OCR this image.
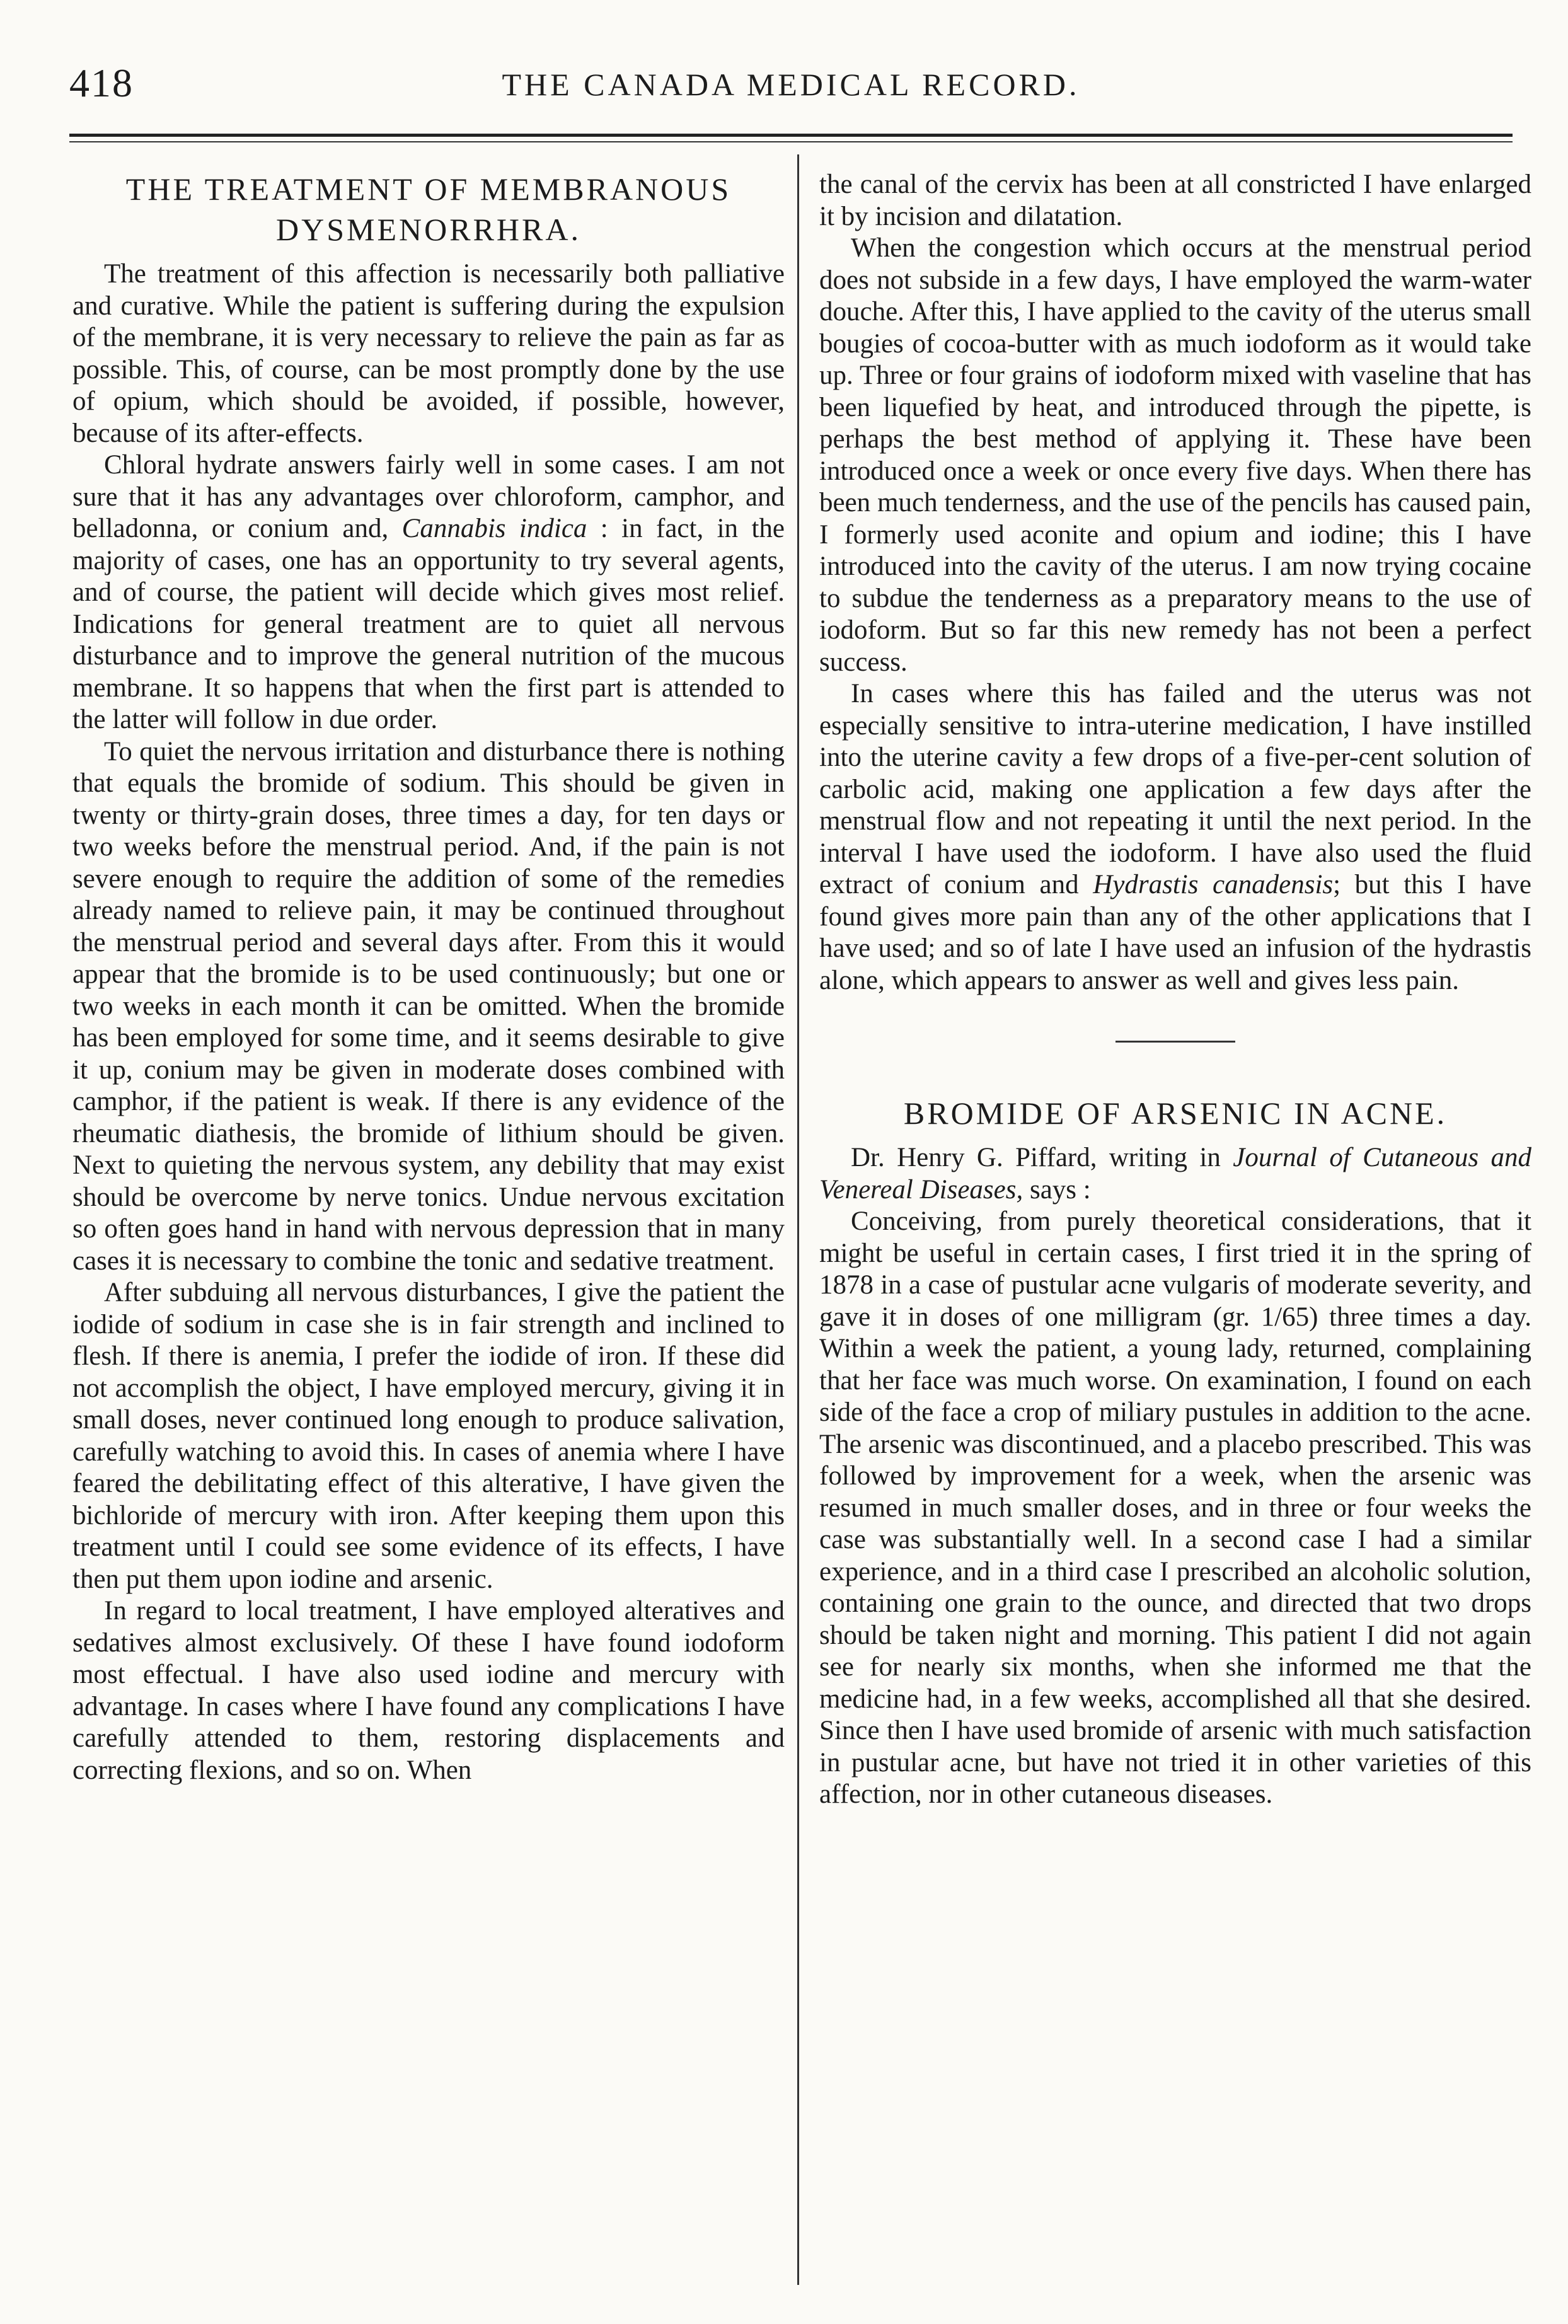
418	THE CANADA MEDICAL RECORD.
THE TREATMENT OF MEMBRANOUS DYSMENORRHRA.

The treatment of this affection is necessarily both palliative and curative. While the patient is suffering during the expulsion of the membrane, it is very necessary to relieve the pain as far as possible. This, of course, can be most promptly done by the use of opium, which should be avoided, if possible, however, because of its after-effects.

Chloral hydrate answers fairly well in some cases. I am not sure that it has any advantages over chloroform, camphor, and belladonna, or conium and, Cannabis indica : in fact, in the majority of cases, one has an opportunity to try several agents, and of course, the patient will decide which gives most relief. Indications for general treatment are to quiet all nervous disturbance and to improve the general nutrition of the mucous membrane. It so happens that when the first part is attended to the latter will follow in due order.

To quiet the nervous irritation and disturbance there is nothing that equals the bromide of sodium. This should be given in twenty or thirty-grain doses, three times a day, for ten days or two weeks before the menstrual period. And, if the pain is not severe enough to require the addition of some of the remedies already named to relieve pain, it may be continued throughout the menstrual period and several days after. From this it would appear that the bromide is to be used continuously; but one or two weeks in each month it can be omitted. When the bromide has been employed for some time, and it seems desirable to give it up, conium may be given in moderate doses combined with camphor, if the patient is weak. If there is any evidence of the rheumatic diathesis, the bromide of lithium should be given. Next to quieting the nervous system, any debility that may exist should be overcome by nerve tonics. Undue nervous excitation so often goes hand in hand with nervous depression that in many cases it is necessary to combine the tonic and sedative treatment.

After subduing all nervous disturbances, I give the patient the iodide of sodium in case she is in fair strength and inclined to flesh. If there is anemia, I prefer the iodide of iron. If these did not accomplish the object, I have employed mercury, giving it in small doses, never continued long enough to produce salivation, carefully watching to avoid this. In cases of anemia where I have feared the debilitating effect of this alterative, I have given the bichloride of mercury with iron. After keeping them upon this treatment until I could see some evidence of its effects, I have then put them upon iodine and arsenic.

In regard to local treatment, I have employed alteratives and sedatives almost exclusively. Of these I have found iodoform most effectual. I have also used iodine and mercury with advantage. In cases where I have found any complications I have carefully attended to them, restoring displacements and correcting flexions, and so on. When

the canal of the cervix has been at all constricted I have enlarged it by incision and dilatation.

When the congestion which occurs at the menstrual period does not subside in a few days, I have employed the warm-water douche. After this, I have applied to the cavity of the uterus small bougies of cocoa-butter with as much iodoform as it would take up. Three or four grains of iodoform mixed with vaseline that has been liquefied by heat, and introduced through the pipette, is perhaps the best method of applying it. These have been introduced once a week or once every five days. When there has been much tenderness, and the use of the pencils has caused pain, I formerly used aconite and opium and iodine; this I have introduced into the cavity of the uterus. I am now trying cocaine to subdue the tenderness as a preparatory means to the use of iodoform. But so far this new remedy has not been a perfect success.

In cases where this has failed and the uterus was not especially sensitive to intra-uterine medication, I have instilled into the uterine cavity a few drops of a five-per-cent solution of carbolic acid, making one application a few days after the menstrual flow and not repeating it until the next period. In the interval I have used the iodoform. I have also used the fluid extract of conium and Hydrastis canadensis; but this I have found gives more pain than any of the other applications that I have used; and so of late I have used an infusion of the hydrastis alone, which appears to answer as well and gives less pain.

BROMIDE OF ARSENIC IN ACNE.

Dr. Henry G. Piffard, writing in Journal of Cutaneous and Venereal Diseases, says :

Conceiving, from purely theoretical considerations, that it might be useful in certain cases, I first tried it in the spring of 1878 in a case of pustular acne vulgaris of moderate severity, and gave it in doses of one milligram (gr. 1/65) three times a day. Within a week the patient, a young lady, returned, complaining that her face was much worse. On examination, I found on each side of the face a crop of miliary pustules in addition to the acne. The arsenic was discontinued, and a placebo prescribed. This was followed by improvement for a week, when the arsenic was resumed in much smaller doses, and in three or four weeks the case was substantially well. In a second case I had a similar experience, and in a third case I prescribed an alcoholic solution, containing one grain to the ounce, and directed that two drops should be taken night and morning. This patient I did not again see for nearly six months, when she informed me that the medicine had, in a few weeks, accomplished all that she desired. Since then I have used bromide of arsenic with much satisfaction in pustular acne, but have not tried it in other varieties of this affection, nor in other cutaneous diseases.
